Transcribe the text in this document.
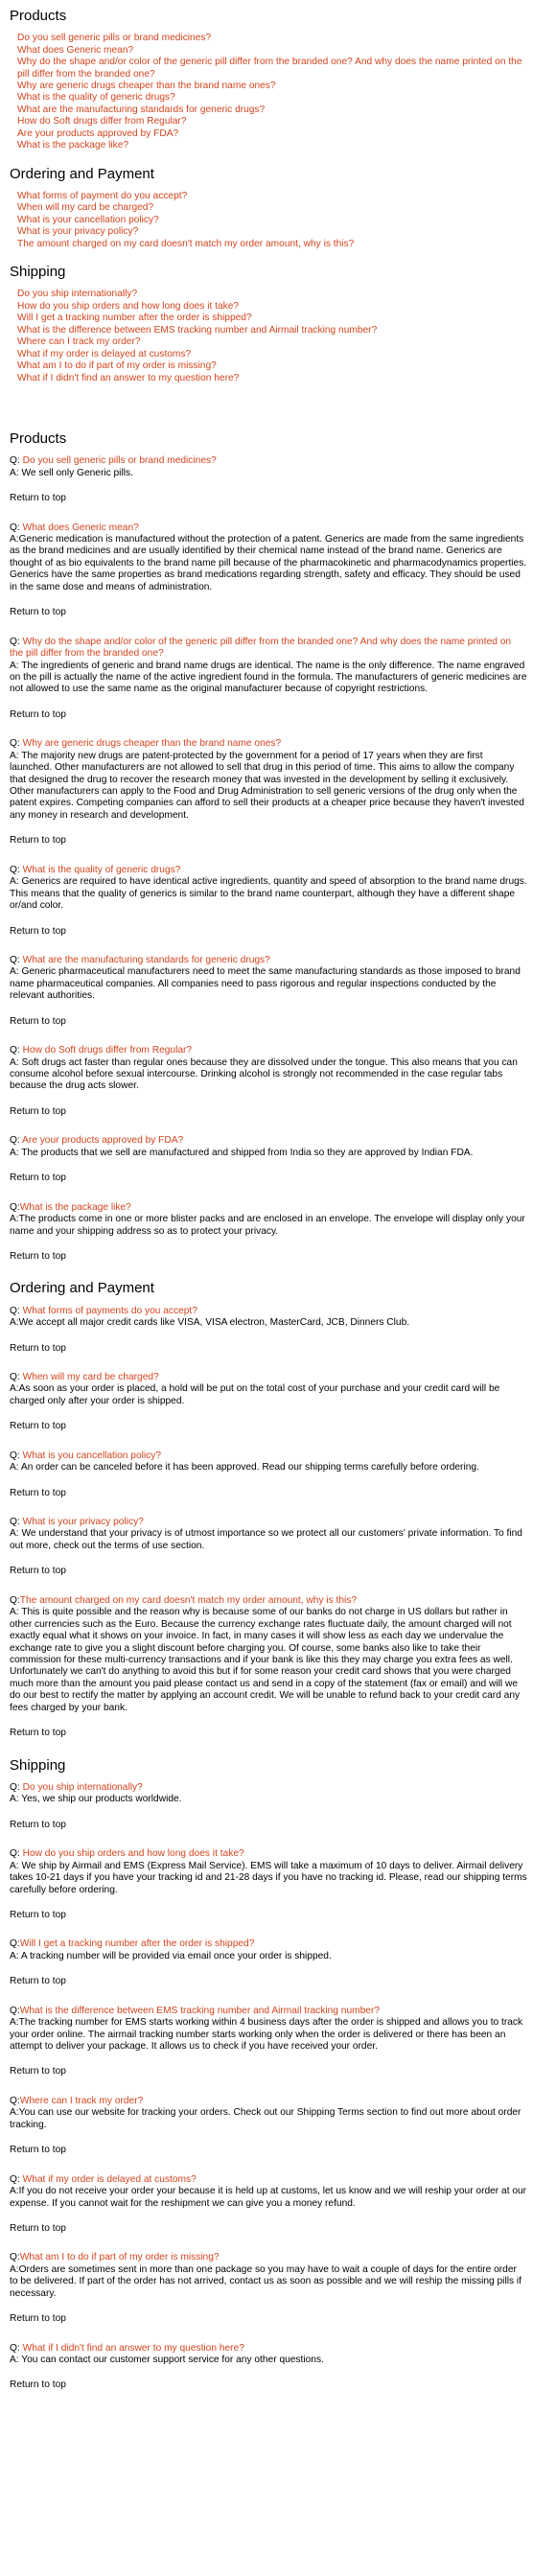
Products
Do you sell generic pills or brand medicines?
What does Generic mean?
Why do the shape and/or color of the generic pill differ from the branded one? And why does the name printed on the pill differ from the branded one?
Why are generic drugs cheaper than the brand name ones?
What is the quality of generic drugs?
What are the manufacturing standards for generic drugs?
How do Soft drugs differ from Regular?
Are your products approved by FDA?
What is the package like?
Ordering and Payment
What forms of payment do you accept?
When will my card be charged?
What is your cancellation policy?
What is your privacy policy?
The amount charged on my card doesn't match my order amount, why is this?
Shipping
Do you ship internationally?
How do you ship orders and how long does it take?
Will I get a tracking number after the order is shipped?
What is the difference between EMS tracking number and Airmail tracking number?
Where can I track my order?
What if my order is delayed at customs?
What am I to do if part of my order is missing?
What if I didn't find an answer to my question here?
Products
Q: Do you sell generic pills or brand medicines?
A: We sell only Generic pills.
Return to top
Q: What does Generic mean?
A:Generic medication is manufactured without the protection of a patent. Generics are made from the same ingredients as the brand medicines and are usually identified by their chemical name instead of the brand name. Generics are thought of as bio equivalents to the brand name pill because of the pharmacokinetic and pharmacodynamics properties. Generics have the same properties as brand medications regarding strength, safety and efficacy. They should be used in the same dose and means of administration.
Return to top
Q: Why do the shape and/or color of the generic pill differ from the branded one? And why does the name printed on the pill differ from the branded one?
A: The ingredients of generic and brand name drugs are identical. The name is the only difference. The name engraved on the pill is actually the name of the active ingredient found in the formula. The manufacturers of generic medicines are not allowed to use the same name as the original manufacturer because of copyright restrictions.
Return to top
Q: Why are generic drugs cheaper than the brand name ones?
A: The majority new drugs are patent-protected by the government for a period of 17 years when they are first launched. Other manufacturers are not allowed to sell that drug in this period of time. This aims to allow the company that designed the drug to recover the research money that was invested in the development by selling it exclusively. Other manufacturers can apply to the Food and Drug Administration to sell generic versions of the drug only when the patent expires. Competing companies can afford to sell their products at a cheaper price because they haven't invested any money in research and development.
Return to top
Q: What is the quality of generic drugs?
A: Generics are required to have identical active ingredients, quantity and speed of absorption to the brand name drugs. This means that the quality of generics is similar to the brand name counterpart, although they have a different shape or/and color.
Return to top
Q: What are the manufacturing standards for generic drugs?
A: Generic pharmaceutical manufacturers need to meet the same manufacturing standards as those imposed to brand name pharmaceutical companies. All companies need to pass rigorous and regular inspections conducted by the relevant authorities.
Return to top
Q: How do Soft drugs differ from Regular?
A: Soft drugs act faster than regular ones because they are dissolved under the tongue. This also means that you can consume alcohol before sexual intercourse. Drinking alcohol is strongly not recommended in the case regular tabs because the drug acts slower.
Return to top
Q: Are your products approved by FDA?
A: The products that we sell are manufactured and shipped from India so they are approved by Indian FDA.
Return to top
Q:What is the package like?
A:The products come in one or more blister packs and are enclosed in an envelope. The envelope will display only your name and your shipping address so as to protect your privacy.
Return to top
Ordering and Payment
Q: What forms of payments do you accept?
A:We accept all major credit cards like VISA, VISA electron, MasterCard, JCB, Dinners Club.
Return to top
Q: When will my card be charged?
A:As soon as your order is placed, a hold will be put on the total cost of your purchase and your credit card will be charged only after your order is shipped.
Return to top
Q: What is you cancellation policy?
A: An order can be canceled before it has been approved. Read our shipping terms carefully before ordering.
Return to top
Q: What is your privacy policy?
A: We understand that your privacy is of utmost importance so we protect all our customers' private information. To find out more, check out the terms of use section.
Return to top
Q:The amount charged on my card doesn't match my order amount, why is this?
A: This is quite possible and the reason why is because some of our banks do not charge in US dollars but rather in other currencies such as the Euro. Because the currency exchange rates fluctuate daily, the amount charged will not exactly equal what it shows on your invoice. In fact, in many cases it will show less as each day we undervalue the exchange rate to give you a slight discount before charging you. Of course, some banks also like to take their commission for these multi-currency transactions and if your bank is like this they may charge you extra fees as well. Unfortunately we can't do anything to avoid this but if for some reason your credit card shows that you were charged much more than the amount you paid please contact us and send in a copy of the statement (fax or email) and will we do our best to rectify the matter by applying an account credit. We will be unable to refund back to your credit card any fees charged by your bank.
Return to top
Shipping
Q: Do you ship internationally?
A: Yes, we ship our products worldwide.
Return to top
Q: How do you ship orders and how long does it take?
A: We ship by Airmail and EMS (Express Mail Service). EMS will take a maximum of 10 days to deliver. Airmail delivery takes 10-21 days if you have your tracking id and 21-28 days if you have no tracking id. Please, read our shipping terms carefully before ordering.
Return to top
Q:Will I get a tracking number after the order is shipped?
A: A tracking number will be provided via email once your order is shipped.
Return to top
Q:What is the difference between EMS tracking number and Airmail tracking number?
A:The tracking number for EMS starts working within 4 business days after the order is shipped and allows you to track your order online. The airmail tracking number starts working only when the order is delivered or there has been an attempt to deliver your package. It allows us to check if you have received your order.
Return to top
Q:Where can I track my order?
A:You can use our website for tracking your orders. Check out our Shipping Terms section to find out more about order tracking.
Return to top
Q: What if my order is delayed at customs?
A:If you do not receive your order your because it is held up at customs, let us know and we will reship your order at our expense. If you cannot wait for the reshipment we can give you a money refund.
Return to top
Q:What am I to do if part of my order is missing?
A:Orders are sometimes sent in more than one package so you may have to wait a couple of days for the entire order to be delivered. If part of the order has not arrived, contact us as soon as possible and we will reship the missing pills if necessary.
Return to top
Q: What if I didn't find an answer to my question here?
A: You can contact our customer support service for any other questions.
Return to top
